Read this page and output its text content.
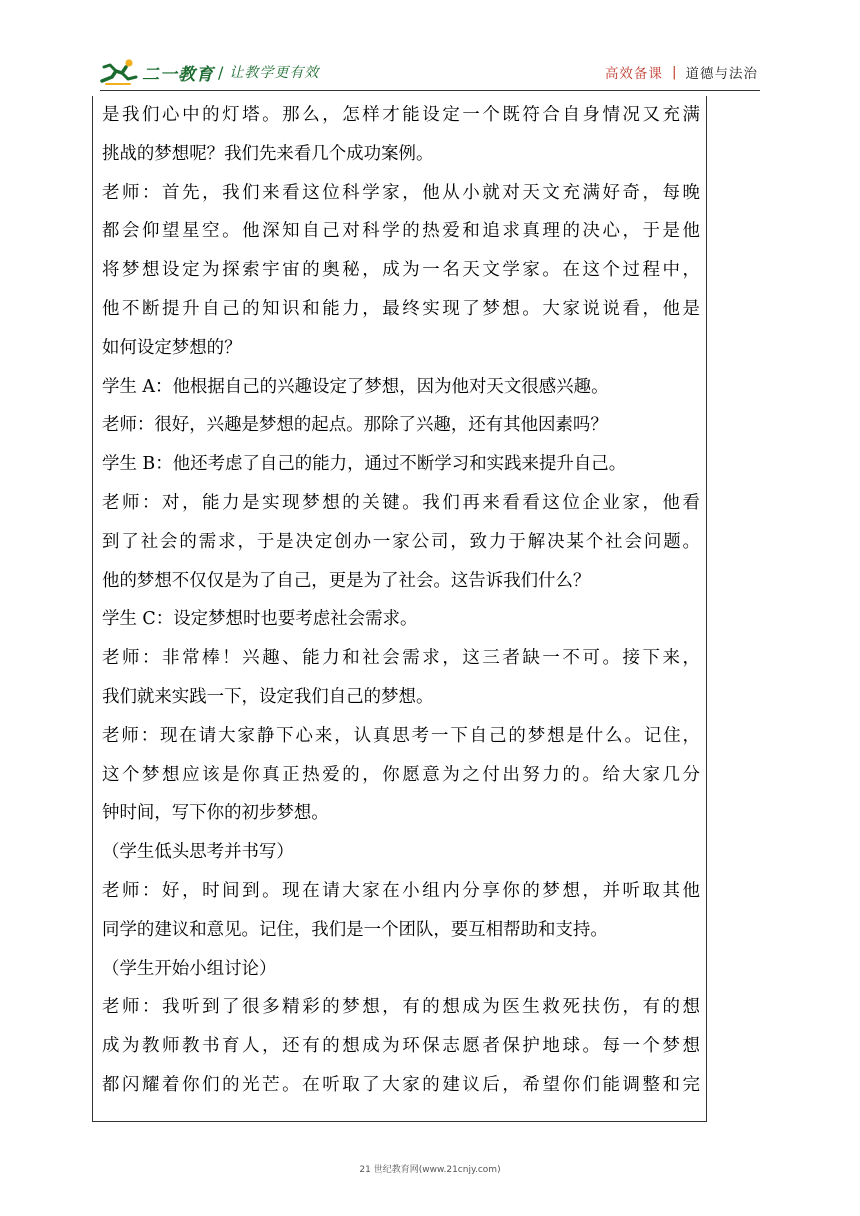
二一教育 / 让教学更有效	高效备课 | 道德与法治
是我们心中的灯塔。那么，怎样才能设定一个既符合自身情况又充满
挑战的梦想呢？我们先来看几个成功案例。
老师：首先，我们来看这位科学家，他从小就对天文充满好奇，每晚
都会仰望星空。他深知自己对科学的热爱和追求真理的决心，于是他
将梦想设定为探索宇宙的奥秘，成为一名天文学家。在这个过程中，
他不断提升自己的知识和能力，最终实现了梦想。大家说说看，他是
如何设定梦想的？
学生 A：他根据自己的兴趣设定了梦想，因为他对天文很感兴趣。
老师：很好，兴趣是梦想的起点。那除了兴趣，还有其他因素吗？
学生 B：他还考虑了自己的能力，通过不断学习和实践来提升自己。
老师：对，能力是实现梦想的关键。我们再来看看这位企业家，他看
到了社会的需求，于是决定创办一家公司，致力于解决某个社会问题。
他的梦想不仅仅是为了自己，更是为了社会。这告诉我们什么？
学生 C：设定梦想时也要考虑社会需求。
老师：非常棒！兴趣、能力和社会需求，这三者缺一不可。接下来，
我们就来实践一下，设定我们自己的梦想。
老师：现在请大家静下心来，认真思考一下自己的梦想是什么。记住，
这个梦想应该是你真正热爱的，你愿意为之付出努力的。给大家几分
钟时间，写下你的初步梦想。
（学生低头思考并书写）
老师：好，时间到。现在请大家在小组内分享你的梦想，并听取其他
同学的建议和意见。记住，我们是一个团队，要互相帮助和支持。
（学生开始小组讨论）
老师：我听到了很多精彩的梦想，有的想成为医生救死扶伤，有的想
成为教师教书育人，还有的想成为环保志愿者保护地球。每一个梦想
都闪耀着你们的光芒。在听取了大家的建议后，希望你们能调整和完
21 世纪教育网(www.21cnjy.com)
